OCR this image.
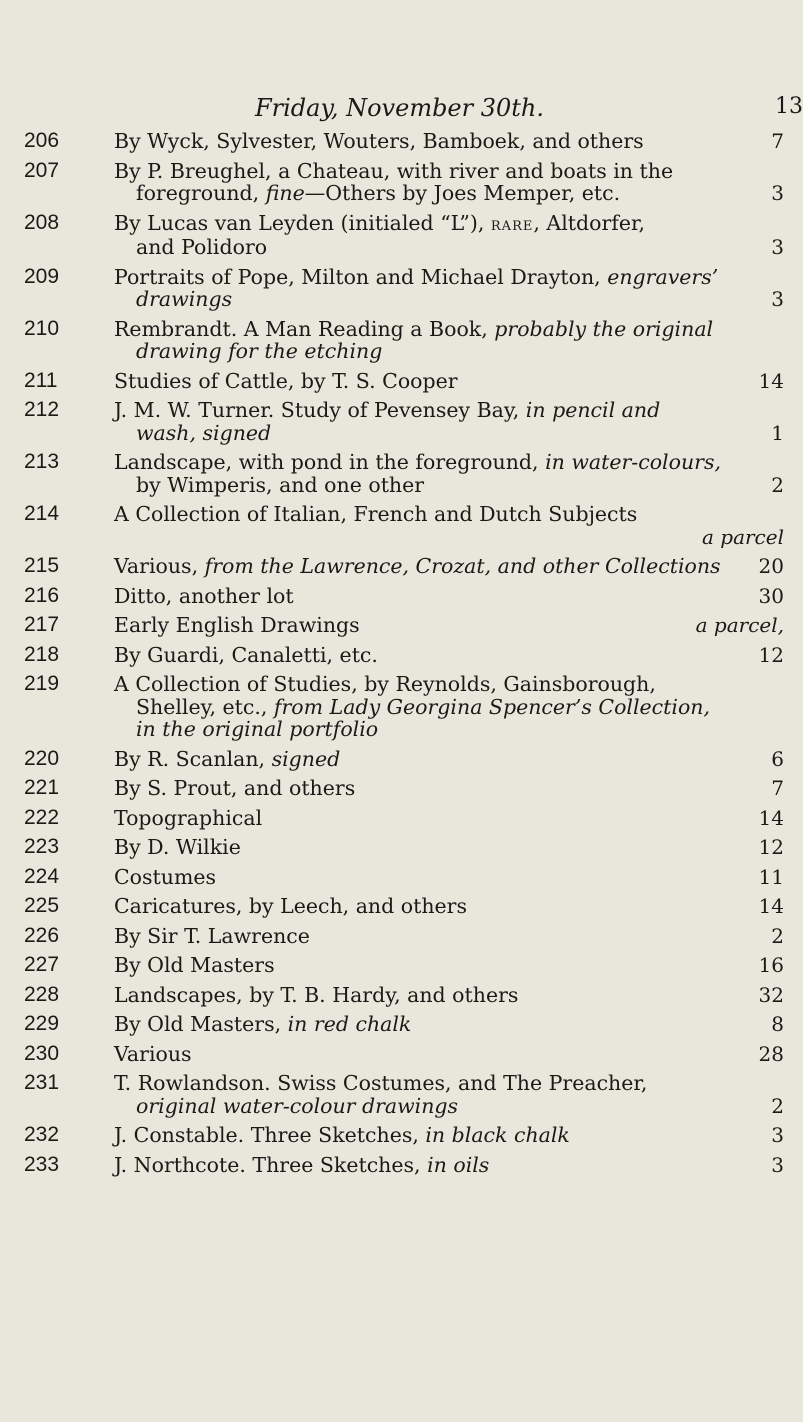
Friday, November 30th.	13
206	By Wyck, Sylvester, Wouters, Bamboek, and others	7
207	By P. Breughel, a Chateau, with river and boats in the
foreground, fine—Others by Joes Memper, etc.	3
208	By Lucas van Leyden (initialed “L”), rare, Altdorfer,
and Polidoro	3
209	Portraits of Pope, Milton and Michael Drayton, engravers’
drawings	3
210	Rembrandt. A Man Reading a Book, probably the original
drawing for the etching
211	Studies of Cattle, by T. S. Cooper	14
212	J. M. W. Turner. Study of Pevensey Bay, in pencil and
wash, signed	1
213	Landscape, with pond in the foreground, in water-colours,
by Wimperis, and one other	2
214	A Collection of Italian, French and Dutch Subjects
a parcel
215	Various, from the Lawrence, Crozat, and other Collections	20
216	Ditto, another lot	30
217	Early English Drawings	a parcel,
218	By Guardi, Canaletti, etc.	12
219	A Collection of Studies, by Reynolds, Gainsborough,
Shelley, etc., from Lady Georgina Spencer’s Collection,
in the original portfolio
220	By R. Scanlan, signed	6
221	By S. Prout, and others	7
222	Topographical	14
223	By D. Wilkie	12
224	Costumes	11
225	Caricatures, by Leech, and others	14
226	By Sir T. Lawrence	2
227	By Old Masters	16
228	Landscapes, by T. B. Hardy, and others	32
229	By Old Masters, in red chalk	8
230	Various	28
231	T. Rowlandson. Swiss Costumes, and The Preacher,
original water-colour drawings	2
232	J. Constable. Three Sketches, in black chalk	3
233	J. Northcote. Three Sketches, in oils	3
